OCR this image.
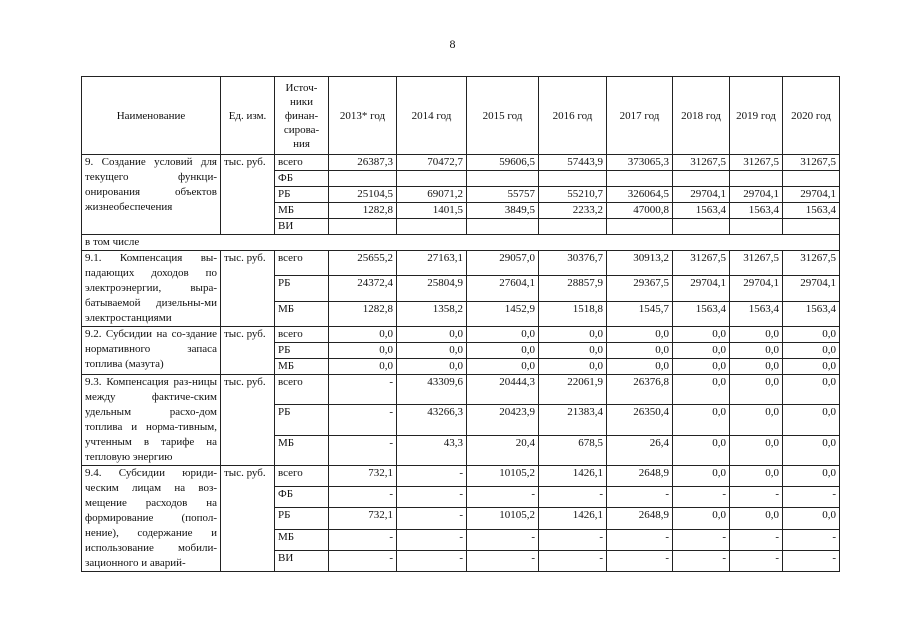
8
Наименование	Ед. изм.	Источ-ники финан-сирова-ния	2013* год	2014 год	2015 год	2016 год	2017 год	2018 год	2019 год	2020 год
9. Создание условий для текущего функци-онирования объектов жизнеобеспечения	тыс. руб.	всего	26387,3	70472,7	59606,5	57443,9	373065,3	31267,5	31267,5	31267,5
		ФБ								
		РБ	25104,5	69071,2	55757	55210,7	326064,5	29704,1	29704,1	29704,1
		МБ	1282,8	1401,5	3849,5	2233,2	47000,8	1563,4	1563,4	1563,4
		ВИ								
в том числе										
9.1. Компенсация вы-падающих доходов по электроэнергии, выра-батываемой дизельны-ми электростанциями	тыс. руб.	всего	25655,2	27163,1	29057,0	30376,7	30913,2	31267,5	31267,5	31267,5
		РБ	24372,4	25804,9	27604,1	28857,9	29367,5	29704,1	29704,1	29704,1
		МБ	1282,8	1358,2	1452,9	1518,8	1545,7	1563,4	1563,4	1563,4
9.2. Субсидии на со-здание нормативного запаса топлива (мазута)	тыс. руб.	всего	0,0	0,0	0,0	0,0	0,0	0,0	0,0	0,0
		РБ	0,0	0,0	0,0	0,0	0,0	0,0	0,0	0,0
		МБ	0,0	0,0	0,0	0,0	0,0	0,0	0,0	0,0
9.3. Компенсация раз-ницы между фактиче-ским удельным расхо-дом топлива и норма-тивным, учтенным в тарифе на тепловую энергию	тыс. руб.	всего	-	43309,6	20444,3	22061,9	26376,8	0,0	0,0	0,0
		РБ	-	43266,3	20423,9	21383,4	26350,4	0,0	0,0	0,0
		МБ	-	43,3	20,4	678,5	26,4	0,0	0,0	0,0
9.4. Субсидии юриди-ческим лицам на воз-мещение расходов на формирование (попол-нение), содержание и использование мобили-зационного и аварий-	тыс. руб.	всего	732,1	-	10105,2	1426,1	2648,9	0,0	0,0	0,0
		ФБ	-	-	-	-	-	-	-	-
		РБ	732,1	-	10105,2	1426,1	2648,9	0,0	0,0	0,0
		МБ	-	-	-	-	-	-	-	-
		ВИ	-	-	-	-	-	-	-	-
